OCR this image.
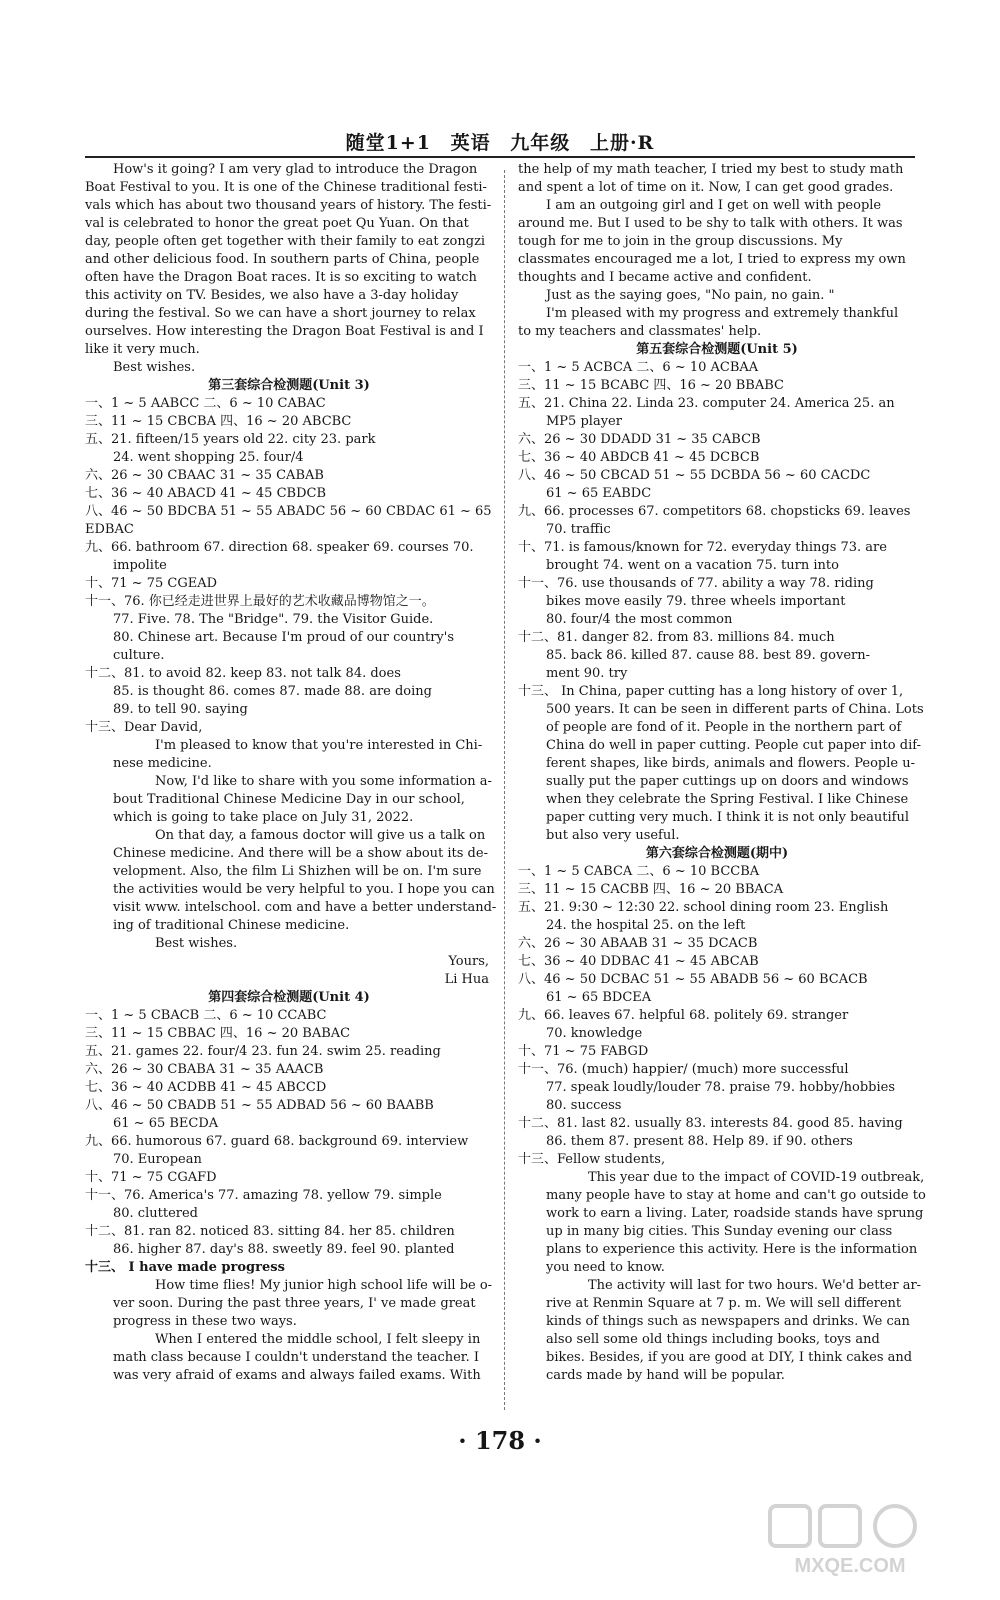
随堂1+1 英语 九年级 上册·R
How's it going? I am very glad to introduce the Dragon
Boat Festival to you. It is one of the Chinese traditional festi-
vals which has about two thousand years of history. The festi-
val is celebrated to honor the great poet Qu Yuan. On that
day, people often get together with their family to eat zongzi
and other delicious food. In southern parts of China, people
often have the Dragon Boat races. It is so exciting to watch
this activity on TV. Besides, we also have a 3-day holiday
during the festival. So we can have a short journey to relax
ourselves. How interesting the Dragon Boat Festival is and I
like it very much.
Best wishes.
第三套综合检测题(Unit 3)
一、1 ~ 5 AABCC 二、6 ~ 10 CABAC
三、11 ~ 15 CBCBA 四、16 ~ 20 ABCBC
五、21. fifteen/15 years old 22. city 23. park
24. went shopping 25. four/4
六、26 ~ 30 CBAAC 31 ~ 35 CABAB
七、36 ~ 40 ABACD 41 ~ 45 CBDCB
八、46 ~ 50 BDCBA 51 ~ 55 ABADC 56 ~ 60 CBDAC 61 ~ 65
EDBAC
九、66. bathroom 67. direction 68. speaker 69. courses 70.
impolite
十、71 ~ 75 CGEAD
十一、76. 你已经走进世界上最好的艺术收藏品博物馆之一。
77. Five. 78. The "Bridge". 79. the Visitor Guide.
80. Chinese art. Because I'm proud of our country's
culture.
十二、81. to avoid 82. keep 83. not talk 84. does
85. is thought 86. comes 87. made 88. are doing
89. to tell 90. saying
十三、Dear David,
I'm pleased to know that you're interested in Chi-
nese medicine.
Now, I'd like to share with you some information a-
bout Traditional Chinese Medicine Day in our school,
which is going to take place on July 31, 2022.
On that day, a famous doctor will give us a talk on
Chinese medicine. And there will be a show about its de-
velopment. Also, the film Li Shizhen will be on. I'm sure
the activities would be very helpful to you. I hope you can
visit www. intelschool. com and have a better understand-
ing of traditional Chinese medicine.
Best wishes.
Yours,
Li Hua
第四套综合检测题(Unit 4)
一、1 ~ 5 CBACB 二、6 ~ 10 CCABC
三、11 ~ 15 CBBAC 四、16 ~ 20 BABAC
五、21. games 22. four/4 23. fun 24. swim 25. reading
六、26 ~ 30 CBABA 31 ~ 35 AAACB
七、36 ~ 40 ACDBB 41 ~ 45 ABCCD
八、46 ~ 50 CBADB 51 ~ 55 ADBAD 56 ~ 60 BAABB
61 ~ 65 BECDA
九、66. humorous 67. guard 68. background 69. interview
70. European
十、71 ~ 75 CGAFD
十一、76. America's 77. amazing 78. yellow 79. simple
80. cluttered
十二、81. ran 82. noticed 83. sitting 84. her 85. children
86. higher 87. day's 88. sweetly 89. feel 90. planted
十三、 I have made progress
How time flies! My junior high school life will be o-
ver soon. During the past three years, I' ve made great
progress in these two ways.
When I entered the middle school, I felt sleepy in
math class because I couldn't understand the teacher. I
was very afraid of exams and always failed exams. With
the help of my math teacher, I tried my best to study math
and spent a lot of time on it. Now, I can get good grades.
I am an outgoing girl and I get on well with people
around me. But I used to be shy to talk with others. It was
tough for me to join in the group discussions. My
classmates encouraged me a lot, I tried to express my own
thoughts and I became active and confident.
Just as the saying goes, "No pain, no gain. "
I'm pleased with my progress and extremely thankful
to my teachers and classmates' help.
第五套综合检测题(Unit 5)
一、1 ~ 5 ACBCA 二、6 ~ 10 ACBAA
三、11 ~ 15 BCABC 四、16 ~ 20 BBABC
五、21. China 22. Linda 23. computer 24. America 25. an
MP5 player
六、26 ~ 30 DDADD 31 ~ 35 CABCB
七、36 ~ 40 ABDCB 41 ~ 45 DCBCB
八、46 ~ 50 CBCAD 51 ~ 55 DCBDA 56 ~ 60 CACDC
61 ~ 65 EABDC
九、66. processes 67. competitors 68. chopsticks 69. leaves
70. traffic
十、71. is famous/known for 72. everyday things 73. are
brought 74. went on a vacation 75. turn into
十一、76. use thousands of 77. ability a way 78. riding
bikes move easily 79. three wheels important
80. four/4 the most common
十二、81. danger 82. from 83. millions 84. much
85. back 86. killed 87. cause 88. best 89. govern-
ment 90. try
十三、 In China, paper cutting has a long history of over 1,
500 years. It can be seen in different parts of China. Lots
of people are fond of it. People in the northern part of
China do well in paper cutting. People cut paper into dif-
ferent shapes, like birds, animals and flowers. People u-
sually put the paper cuttings up on doors and windows
when they celebrate the Spring Festival. I like Chinese
paper cutting very much. I think it is not only beautiful
but also very useful.
第六套综合检测题(期中)
一、1 ~ 5 CABCA 二、6 ~ 10 BCCBA
三、11 ~ 15 CACBB 四、16 ~ 20 BBACA
五、21. 9:30 ~ 12:30 22. school dining room 23. English
24. the hospital 25. on the left
六、26 ~ 30 ABAAB 31 ~ 35 DCACB
七、36 ~ 40 DDBAC 41 ~ 45 ABCAB
八、46 ~ 50 DCBAC 51 ~ 55 ABADB 56 ~ 60 BCACB
61 ~ 65 BDCEA
九、66. leaves 67. helpful 68. politely 69. stranger
70. knowledge
十、71 ~ 75 FABGD
十一、76. (much) happier/ (much) more successful
77. speak loudly/louder 78. praise 79. hobby/hobbies
80. success
十二、81. last 82. usually 83. interests 84. good 85. having
86. them 87. present 88. Help 89. if 90. others
十三、Fellow students,
This year due to the impact of COVID-19 outbreak,
many people have to stay at home and can't go outside to
work to earn a living. Later, roadside stands have sprung
up in many big cities. This Sunday evening our class
plans to experience this activity. Here is the information
you need to know.
The activity will last for two hours. We'd better ar-
rive at Renmin Square at 7 p. m. We will sell different
kinds of things such as newspapers and drinks. We can
also sell some old things including books, toys and
bikes. Besides, if you are good at DIY, I think cakes and
cards made by hand will be popular.
· 178 ·
MXQE.COM
